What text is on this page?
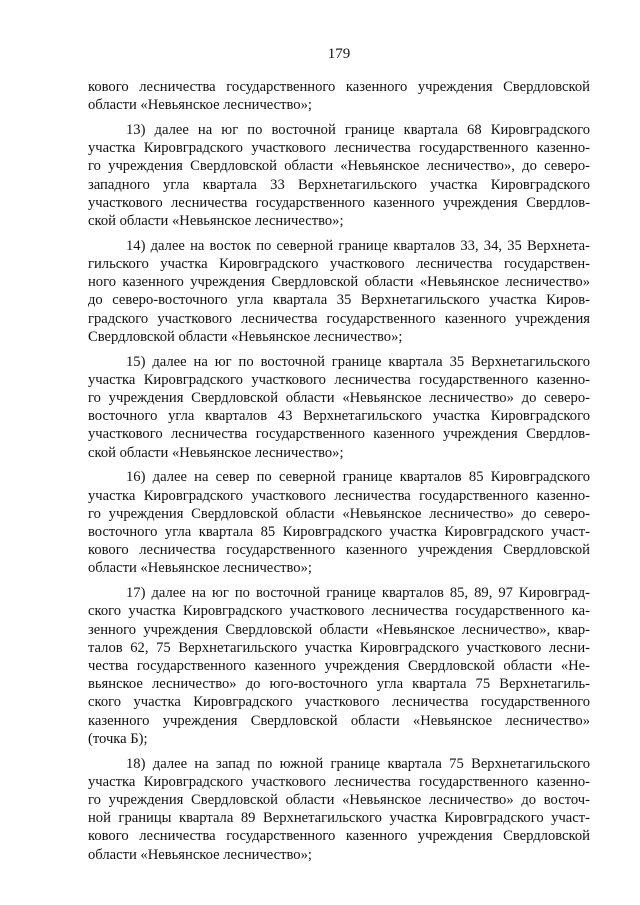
179

кового лесничества государственного казенного учреждения Свердловской
области «Невьянское лесничество»;

13) далее на юг по восточной границе квартала 68 Кировградского
участка Кировградского участкового лесничества государственного казенно-
го учреждения Свердловской области «Невьянское лесничество», до северо-
западного угла квартала 33 Верхнетагильского участка Кировградского
участкового лесничества государственного казенного учреждения Свердлов-
ской области «Невьянское лесничество»;

14) далее на восток по северной границе кварталов 33, 34, 35 Верхнета-
гильского участка Кировградского участкового лесничества государствен-
ного казенного учреждения Свердловской области «Невьянское лесничество»
до северо-восточного угла квартала 35 Верхнетагильского участка Киров-
градского участкового лесничества государственного казенного учреждения
Свердловской области «Невьянское лесничество»;

15) далее на юг по восточной границе квартала 35 Верхнетагильского
участка Кировградского участкового лесничества государственного казенно-
го учреждения Свердловской области «Невьянское лесничество» до северо-
восточного угла кварталов 43 Верхнетагильского участка Кировградского
участкового лесничества государственного казенного учреждения Свердлов-
ской области «Невьянское лесничество»;

16) далее на север по северной границе кварталов 85 Кировградского
участка Кировградского участкового лесничества государственного казенно-
го учреждения Свердловской области «Невьянское лесничество» до северо-
восточного угла квартала 85 Кировградского участка Кировградского участ-
кового лесничества государственного казенного учреждения Свердловской
области «Невьянское лесничество»;

17) далее на юг по восточной границе кварталов 85, 89, 97 Кировград-
ского участка Кировградского участкового лесничества государственного ка-
зенного учреждения Свердловской области «Невьянское лесничество», квар-
талов 62, 75 Верхнетагильского участка Кировградского участкового лесни-
чества государственного казенного учреждения Свердловской области «Не-
вьянское лесничество» до юго-восточного угла квартала 75 Верхнетагиль-
ского участка Кировградского участкового лесничества государственного
казенного учреждения Свердловской области «Невьянское лесничество»
(точка Б);

18) далее на запад по южной границе квартала 75 Верхнетагильского
участка Кировградского участкового лесничества государственного казенно-
го учреждения Свердловской области «Невьянское лесничество» до восточ-
ной границы квартала 89 Верхнетагильского участка Кировградского участ-
кового лесничества государственного казенного учреждения Свердловской
области «Невьянское лесничество»;
